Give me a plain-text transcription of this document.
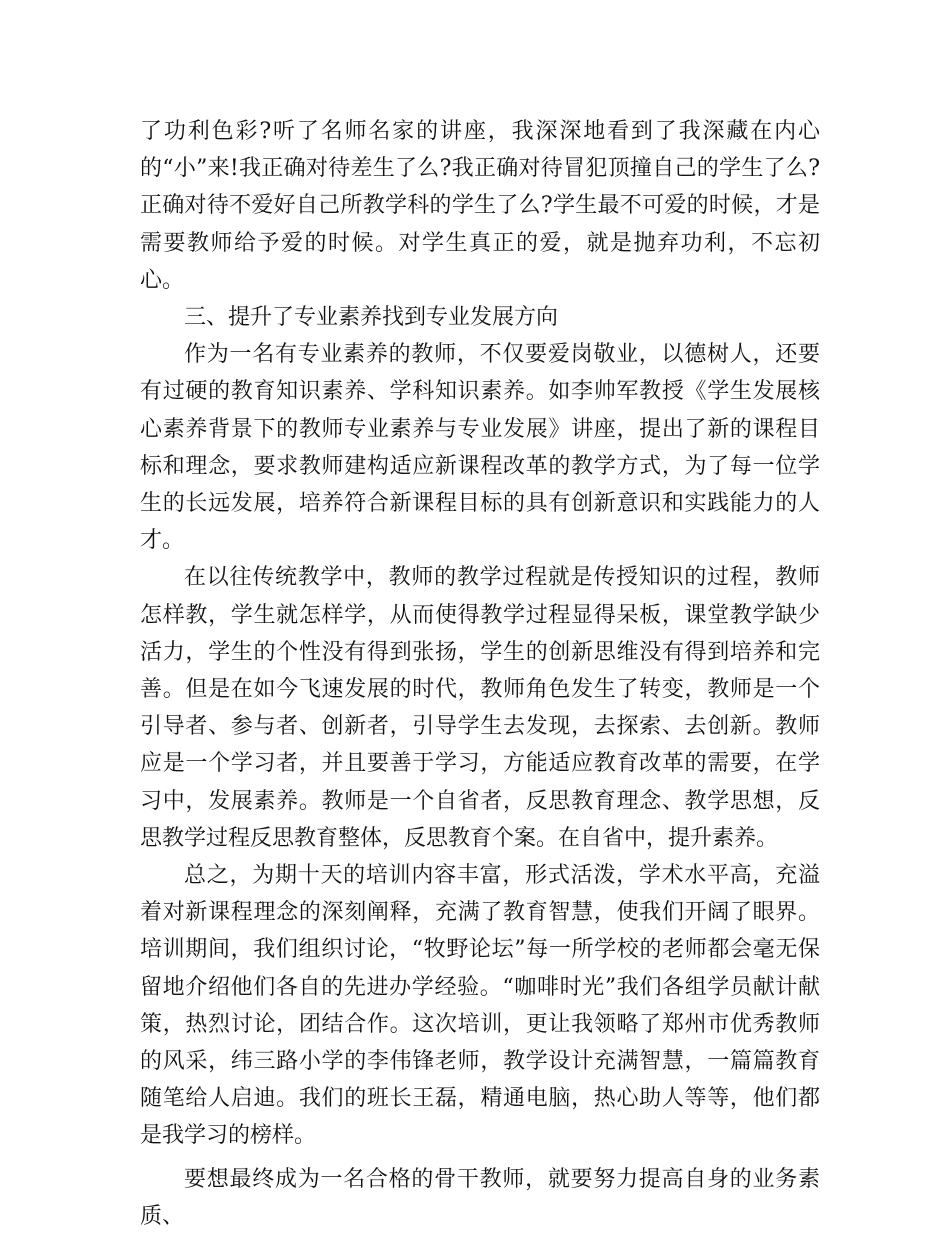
了功利色彩?听了名师名家的讲座，我深深地看到了我深藏在内心的“小”来!我正确对待差生了么?我正确对待冒犯顶撞自己的学生了么?正确对待不爱好自己所教学科的学生了么?学生最不可爱的时候，才是需要教师给予爱的时候。对学生真正的爱，就是抛弃功利，不忘初心。

三、提升了专业素养找到专业发展方向

作为一名有专业素养的教师，不仅要爱岗敬业，以德树人，还要有过硬的教育知识素养、学科知识素养。如李帅军教授《学生发展核心素养背景下的教师专业素养与专业发展》讲座，提出了新的课程目标和理念，要求教师建构适应新课程改革的教学方式，为了每一位学生的长远发展，培养符合新课程目标的具有创新意识和实践能力的人才。

在以往传统教学中，教师的教学过程就是传授知识的过程，教师怎样教，学生就怎样学，从而使得教学过程显得呆板，课堂教学缺少活力，学生的个性没有得到张扬，学生的创新思维没有得到培养和完善。但是在如今飞速发展的时代，教师角色发生了转变，教师是一个引导者、参与者、创新者，引导学生去发现，去探索、去创新。教师应是一个学习者，并且要善于学习，方能适应教育改革的需要，在学习中，发展素养。教师是一个自省者，反思教育理念、教学思想，反思教学过程反思教育整体，反思教育个案。在自省中，提升素养。

总之，为期十天的培训内容丰富，形式活泼，学术水平高，充溢着对新课程理念的深刻阐释，充满了教育智慧，使我们开阔了眼界。培训期间，我们组织讨论，“牧野论坛”每一所学校的老师都会毫无保留地介绍他们各自的先进办学经验。“咖啡时光”我们各组学员献计献策，热烈讨论，团结合作。这次培训，更让我领略了郑州市优秀教师的风采，纬三路小学的李伟锋老师，教学设计充满智慧，一篇篇教育随笔给人启迪。我们的班长王磊，精通电脑，热心助人等等，他们都是我学习的榜样。

要想最终成为一名合格的骨干教师，就要努力提高自身的业务素质、
